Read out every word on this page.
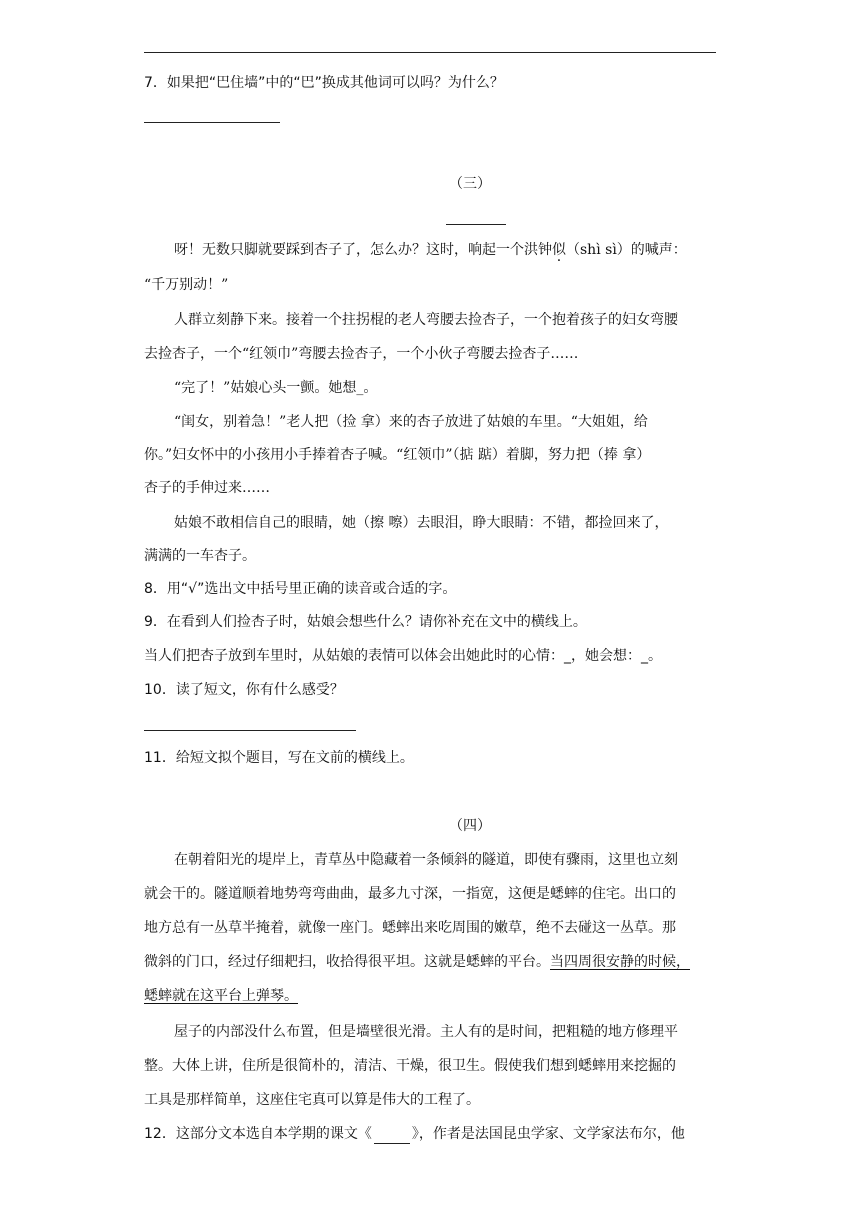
7．如果把“巴住墙”中的“巴”换成其他词可以吗？为什么？
（三）
呀！无数只脚就要踩到杏子了，怎么办？这时，响起一个洪钟似（shì sì）的喊声：
“千万别动！”
人群立刻静下来。接着一个拄拐棍的老人弯腰去捡杏子，一个抱着孩子的妇女弯腰
去捡杏子，一个“红领巾”弯腰去捡杏子，一个小伙子弯腰去捡杏子……
“完了！”姑娘心头一颤。她想_。
“闺女，别着急！”老人把（捡 拿）来的杏子放进了姑娘的车里。“大姐姐，给
你。”妇女怀中的小孩用小手捧着杏子喊。“红领巾”（掂 踮）着脚，努力把（捧 拿）
杏子的手伸过来……
姑娘不敢相信自己的眼睛，她（擦 嚓）去眼泪，睁大眼睛：不错，都捡回来了，
满满的一车杏子。
8．用“√”选出文中括号里正确的读音或合适的字。
9．在看到人们捡杏子时，姑娘会想些什么？请你补充在文中的横线上。
当人们把杏子放到车里时，从姑娘的表情可以体会出她此时的心情：_，她会想：_。
10．读了短文，你有什么感受？
11．给短文拟个题目，写在文前的横线上。
（四）
在朝着阳光的堤岸上，青草丛中隐藏着一条倾斜的隧道，即使有骤雨，这里也立刻
就会干的。隧道顺着地势弯弯曲曲，最多九寸深，一指宽，这便是蟋蟀的住宅。出口的
地方总有一丛草半掩着，就像一座门。蟋蟀出来吃周围的嫩草，绝不去碰这一丛草。那
微斜的门口，经过仔细耙扫，收拾得很平坦。这就是蟋蟀的平台。当四周很安静的时候，
蟋蟀就在这平台上弹琴。
屋子的内部没什么布置，但是墙壁很光滑。主人有的是时间，把粗糙的地方修理平
整。大体上讲，住所是很简朴的，清洁、干燥，很卫生。假使我们想到蟋蟀用来挖掘的
工具是那样简单，这座住宅真可以算是伟大的工程了。
12．这部分文本选自本学期的课文《	》，作者是法国昆虫学家、文学家法布尔，他
